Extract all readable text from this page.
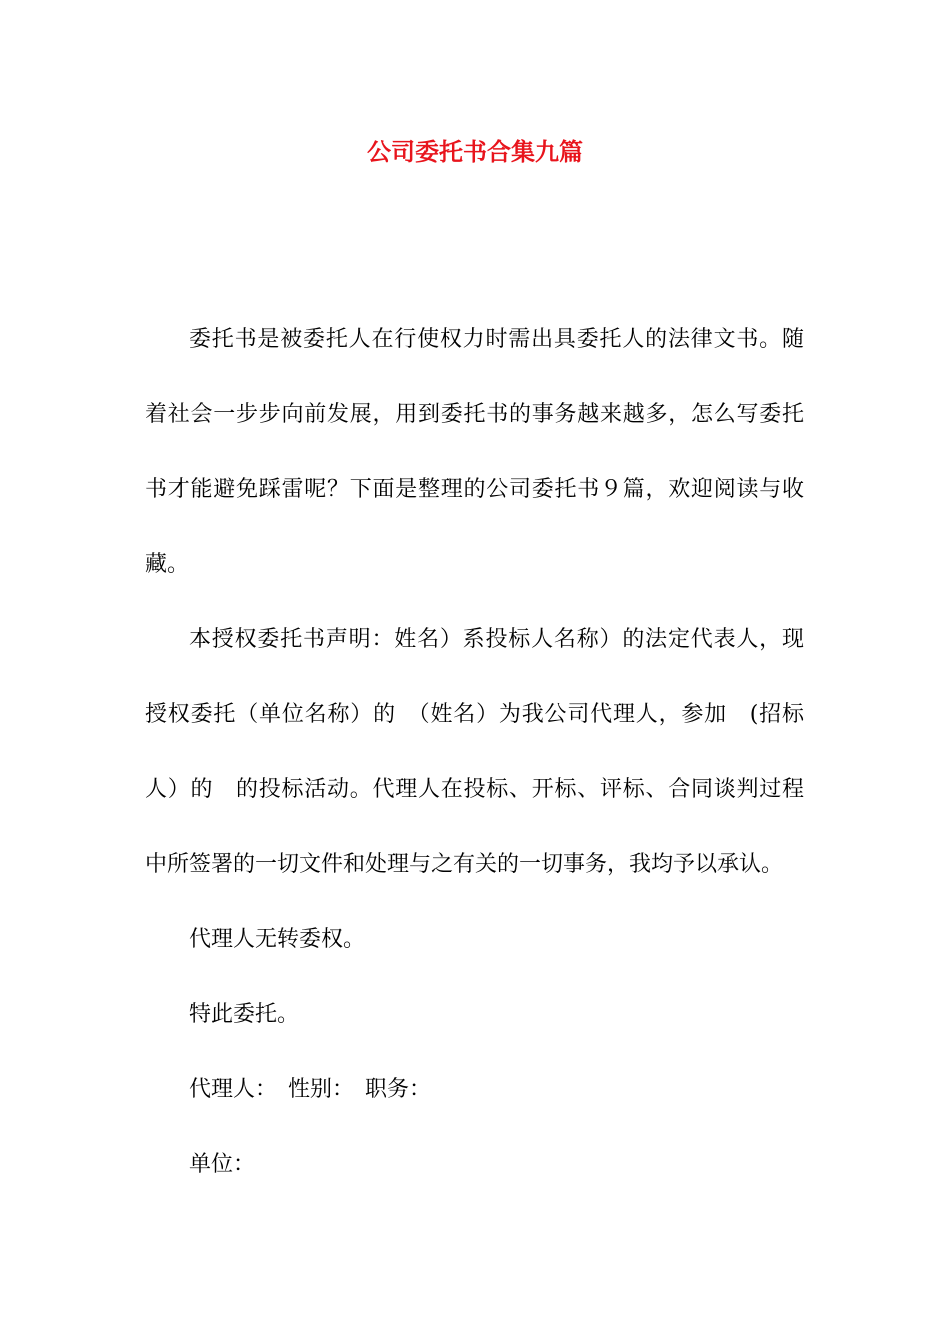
公司委托书合集九篇

委托书是被委托人在行使权力时需出具委托人的法律文书。随

着社会一步步向前发展，用到委托书的事务越来越多，怎么写委托

书才能避免踩雷呢？下面是整理的公司委托书９篇，欢迎阅读与收

藏。

本授权委托书声明：姓名）系投标人名称）的法定代表人，现

授权委托（单位名称）的　（姓名）为我公司代理人，参加　(招标

人）的　的投标活动。代理人在投标、开标、评标、合同谈判过程

中所签署的一切文件和处理与之有关的一切事务，我均予以承认。

代理人无转委权。

特此委托。

代理人：　性别：　职务：

单位：
